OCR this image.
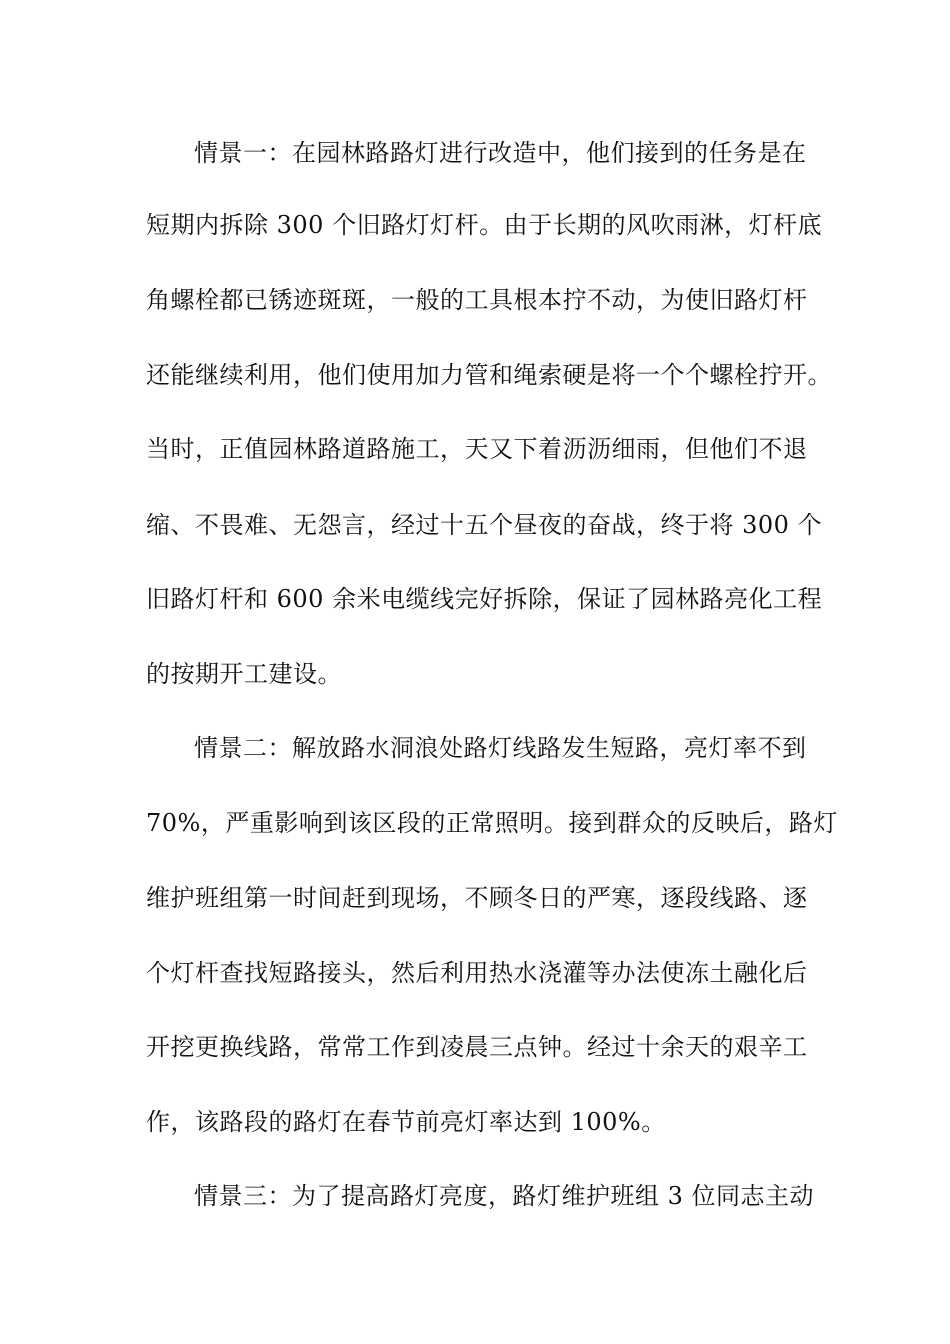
情景一：在园林路路灯进行改造中，他们接到的任务是在
短期内拆除 300 个旧路灯灯杆。由于长期的风吹雨淋，灯杆底
角螺栓都已锈迹斑斑，一般的工具根本拧不动，为使旧路灯杆
还能继续利用，他们使用加力管和绳索硬是将一个个螺栓拧开。
当时，正值园林路道路施工，天又下着沥沥细雨，但他们不退
缩、不畏难、无怨言，经过十五个昼夜的奋战，终于将 300 个
旧路灯杆和 600 余米电缆线完好拆除，保证了园林路亮化工程
的按期开工建设。
情景二：解放路水洞浪处路灯线路发生短路，亮灯率不到
70%，严重影响到该区段的正常照明。接到群众的反映后，路灯
维护班组第一时间赶到现场，不顾冬日的严寒，逐段线路、逐
个灯杆查找短路接头，然后利用热水浇灌等办法使冻土融化后
开挖更换线路，常常工作到凌晨三点钟。经过十余天的艰辛工
作，该路段的路灯在春节前亮灯率达到 100%。
情景三：为了提高路灯亮度，路灯维护班组 3 位同志主动
